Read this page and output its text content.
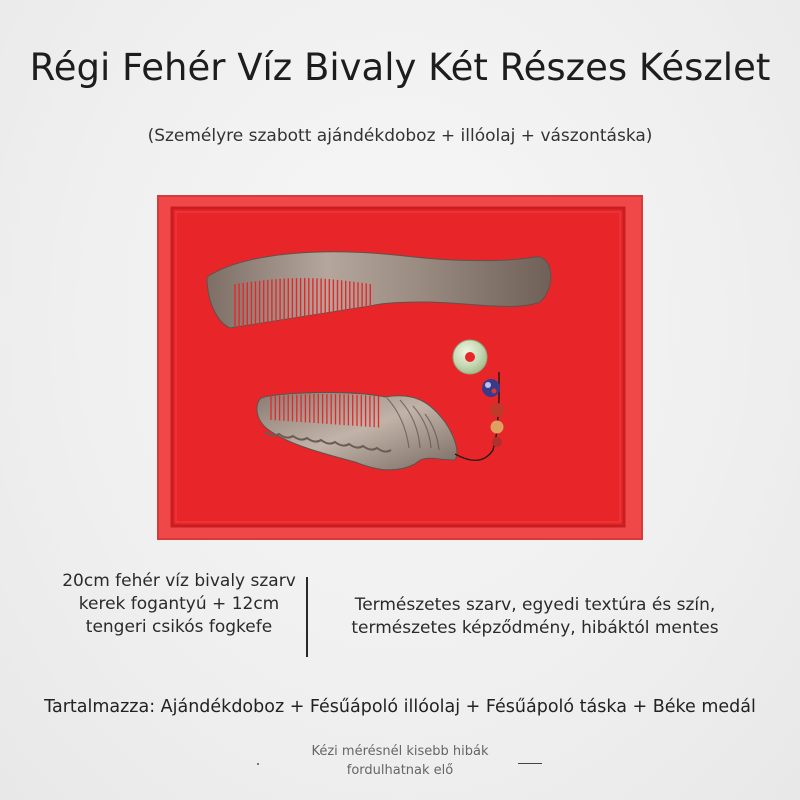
Régi Fehér Víz Bivaly Két Részes Készlet
(Személyre szabott ajándékdoboz + illóolaj + vászontáska)
20cm fehér víz bivaly szarv kerek fogantyú + 12cm tengeri csikós fogkefe
Természetes szarv, egyedi textúra és szín, természetes képződmény, hibáktól mentes
Tartalmazza: Ajándékdoboz + Fésűápoló illóolaj + Fésűápoló táska + Béke medál
Kézi mérésnél kisebb hibák fordulhatnak elő
